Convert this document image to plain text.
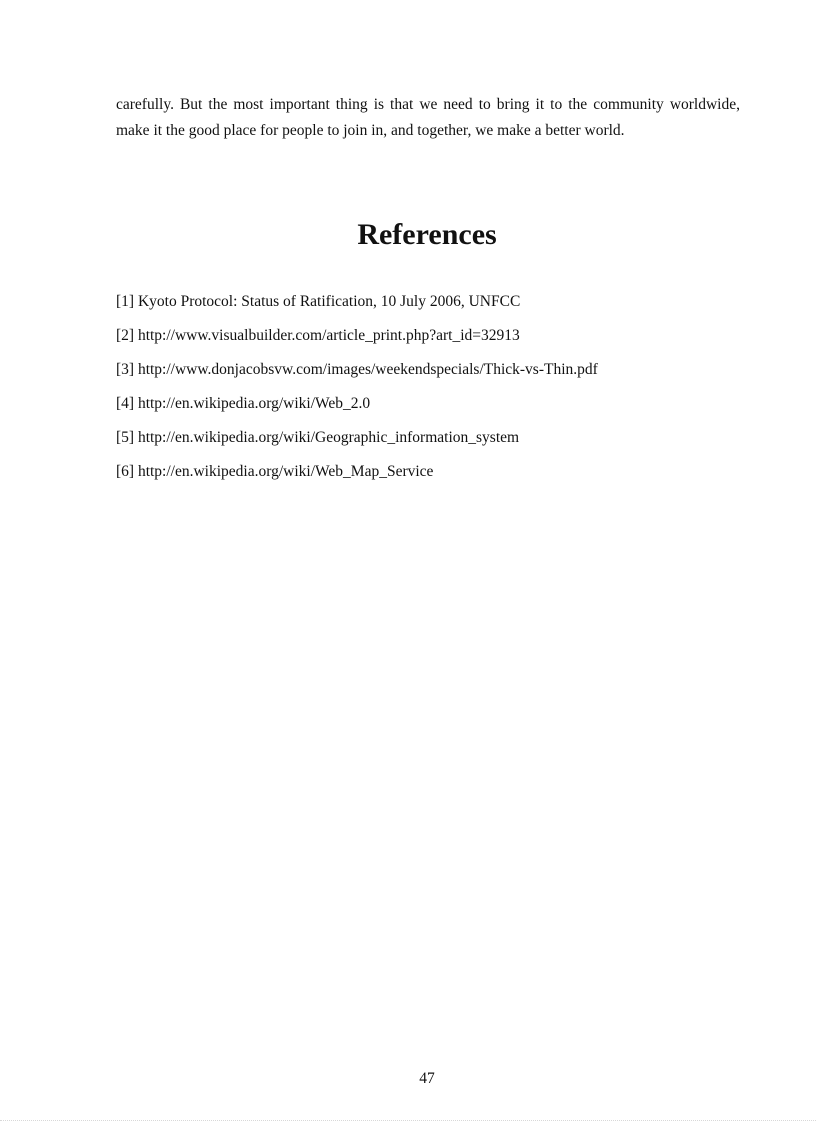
carefully. But the most important thing is that we need to bring it to the community worldwide, make it the good place for people to join in, and together, we make a better world.

References
[1] Kyoto Protocol: Status of Ratification, 10 July 2006, UNFCC
[2] http://www.visualbuilder.com/article_print.php?art_id=32913
[3] http://www.donjacobsvw.com/images/weekendspecials/Thick-vs-Thin.pdf
[4] http://en.wikipedia.org/wiki/Web_2.0
[5] http://en.wikipedia.org/wiki/Geographic_information_system
[6] http://en.wikipedia.org/wiki/Web_Map_Service

47
